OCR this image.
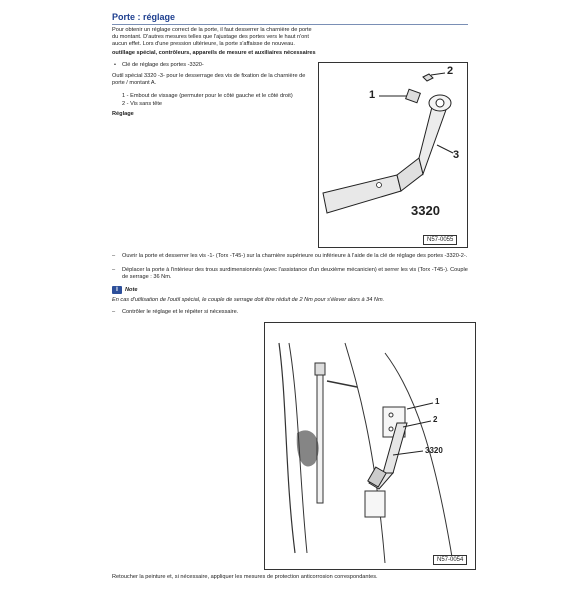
Porte : réglage
Pour obtenir un réglage correct de la porte, il faut desserrer la charnière de porte du montant. D'autres mesures telles que l'ajustage des portes vers le haut n'ont aucun effet. Lors d'une pression ultérieure, la porte s'affaisse de nouveau.
outillage spécial, contrôleurs, appareils de mesure et auxiliaires nécessaires
•	Clé de réglage des portes -3320-
Outil spécial 3320 -3- pour le desserrage des vis de fixation de la charnière de porte / montant A.
1 - Embout de vissage (permuter pour le côté gauche et le côté droit)
2 - Vis sans tête
Réglage
1
2
3
3320
N57-0055
–	Ouvrir la porte et desserrer les vis -1- (Torx -T45-) sur la charnière supérieure ou inférieure à l'aide de la clé de réglage des portes -3320-2-.
–	Déplacer la porte à l'intérieur des trous surdimensionnés (avec l'assistance d'un deuxième mécanicien) et serrer les vis (Torx -T45-). Couple de serrage : 36 Nm.
i	Note
En cas d'utilisation de l'outil spécial, le couple de serrage doit être réduit de 2 Nm pour s'élever alors à 34 Nm.
–	Contrôler le réglage et le répéter si nécessaire.
1
2
3320
N57-0054
Retoucher la peinture et, si nécessaire, appliquer les mesures de protection anticorrosion correspondantes.
